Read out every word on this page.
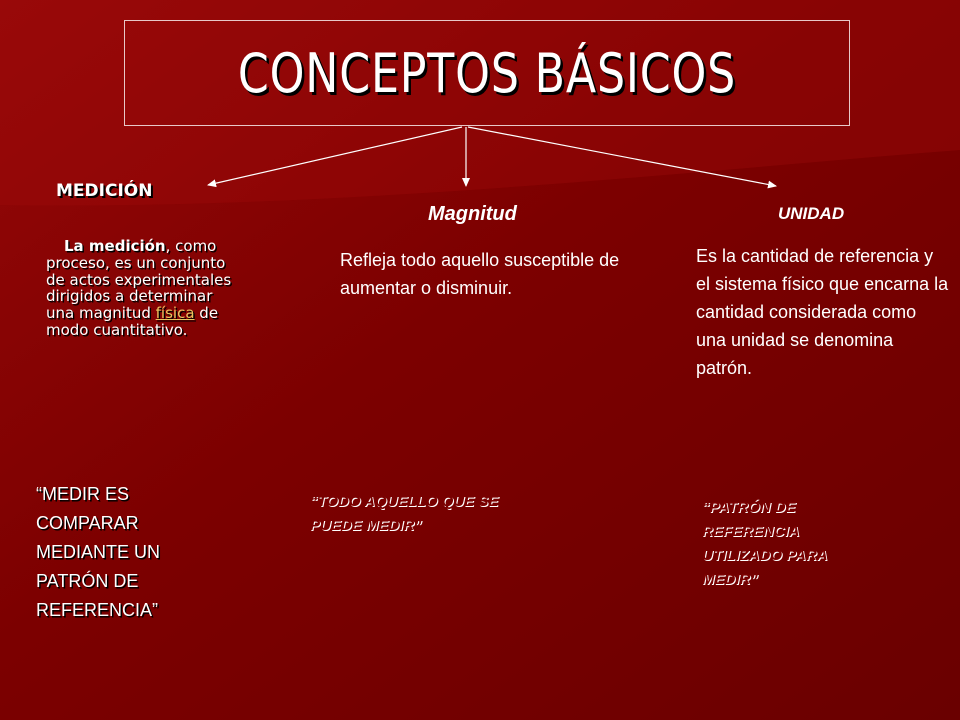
CONCEPTOS BÁSICOS
MEDICIÓN
Magnitud	UNIDAD
La medición, como proceso, es un conjunto de actos experimentales dirigidos a determinar una magnitud física de modo cuantitativo.
Refleja todo aquello susceptible de aumentar o disminuir.
Es la cantidad de referencia y el sistema físico que encarna la cantidad considerada como una unidad se denomina patrón.
“MEDIR ES
COMPARAR
MEDIANTE UN
PATRÓN DE
REFERENCIA”
“TODO AQUELLO QUE SE
PUEDE MEDIR”
“PATRÓN DE
REFERENCIA
UTILIZADO PARA
MEDIR”
